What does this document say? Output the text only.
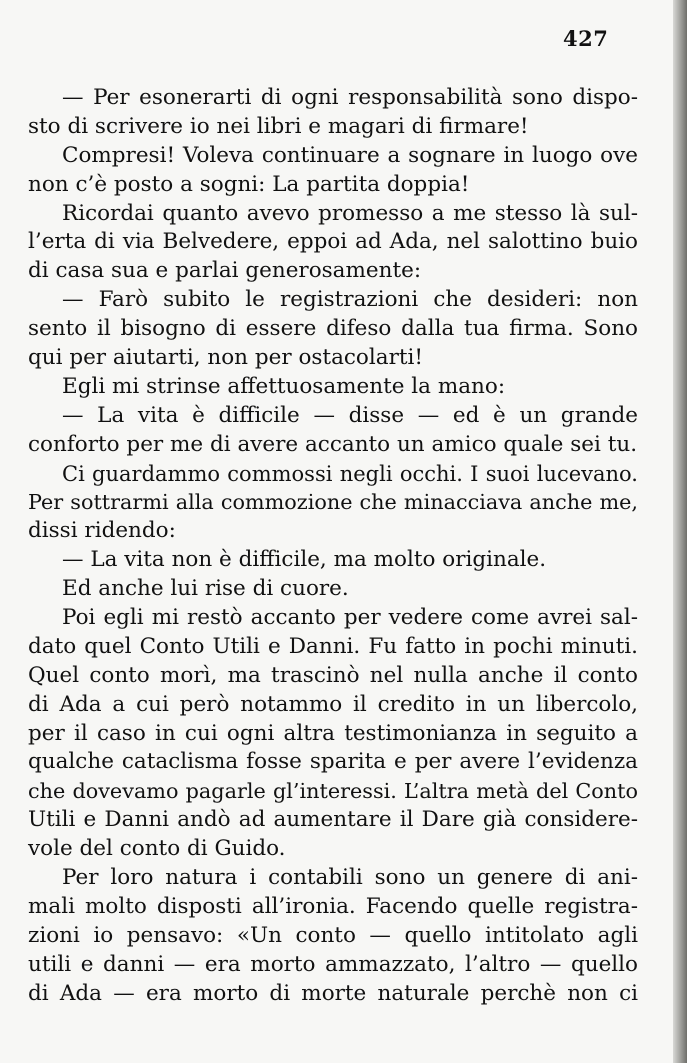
427
— Per esonerarti di ogni responsabilità sono dispo-
sto di scrivere io nei libri e magari di firmare!
Compresi! Voleva continuare a sognare in luogo ove
non c’è posto a sogni: La partita doppia!
Ricordai quanto avevo promesso a me stesso là sul-
l’erta di via Belvedere, eppoi ad Ada, nel salottino buio
di casa sua e parlai generosamente:
— Farò subito le registrazioni che desideri: non
sento il bisogno di essere difeso dalla tua firma. Sono
qui per aiutarti, non per ostacolarti!
Egli mi strinse affettuosamente la mano:
— La vita è difficile — disse — ed è un grande
conforto per me di avere accanto un amico quale sei tu.
Ci guardammo commossi negli occhi. I suoi lucevano.
Per sottrarmi alla commozione che minacciava anche me,
dissi ridendo:
— La vita non è difficile, ma molto originale.
Ed anche lui rise di cuore.
Poi egli mi restò accanto per vedere come avrei sal-
dato quel Conto Utili e Danni. Fu fatto in pochi minuti.
Quel conto morì, ma trascinò nel nulla anche il conto
di Ada a cui però notammo il credito in un libercolo,
per il caso in cui ogni altra testimonianza in seguito a
qualche cataclisma fosse sparita e per avere l’evidenza
che dovevamo pagarle gl’interessi. L’altra metà del Conto
Utili e Danni andò ad aumentare il Dare già considere-
vole del conto di Guido.
Per loro natura i contabili sono un genere di ani-
mali molto disposti all’ironia. Facendo quelle registra-
zioni io pensavo: «Un conto — quello intitolato agli
utili e danni — era morto ammazzato, l’altro — quello
di Ada — era morto di morte naturale perchè non ci
